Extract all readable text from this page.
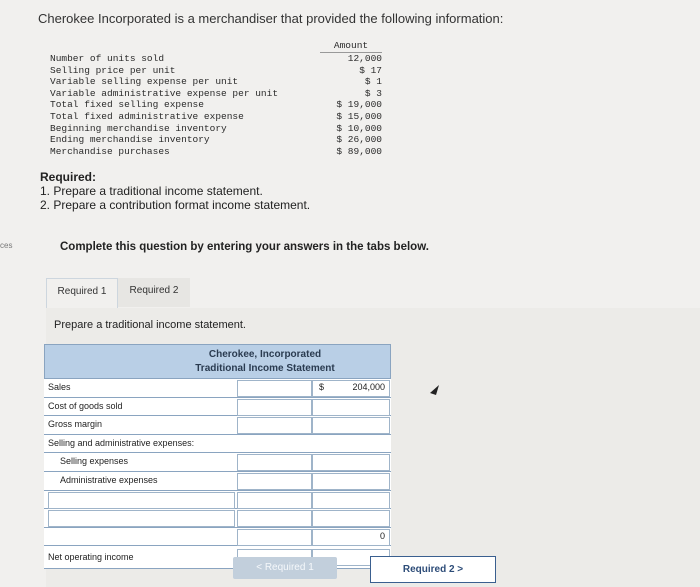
Cherokee Incorporated is a merchandiser that provided the following information:
Amount
Number of units sold	12,000
Selling price per unit	$ 17
Variable selling expense per unit	$ 1
Variable administrative expense per unit	$ 3
Total fixed selling expense	$ 19,000
Total fixed administrative expense	$ 15,000
Beginning merchandise inventory	$ 10,000
Ending merchandise inventory	$ 26,000
Merchandise purchases	$ 89,000
Required:
1. Prepare a traditional income statement.
2. Prepare a contribution format income statement.
ces	Complete this question by entering your answers in the tabs below.
Required 1	Required 2
Prepare a traditional income statement.
Cherokee, Incorporated
Traditional Income Statement
Sales	$	204,000
Cost of goods sold
Gross margin
Selling and administrative expenses:
Selling expenses
Administrative expenses
0
Net operating income
< Required 1	Required 2 >
